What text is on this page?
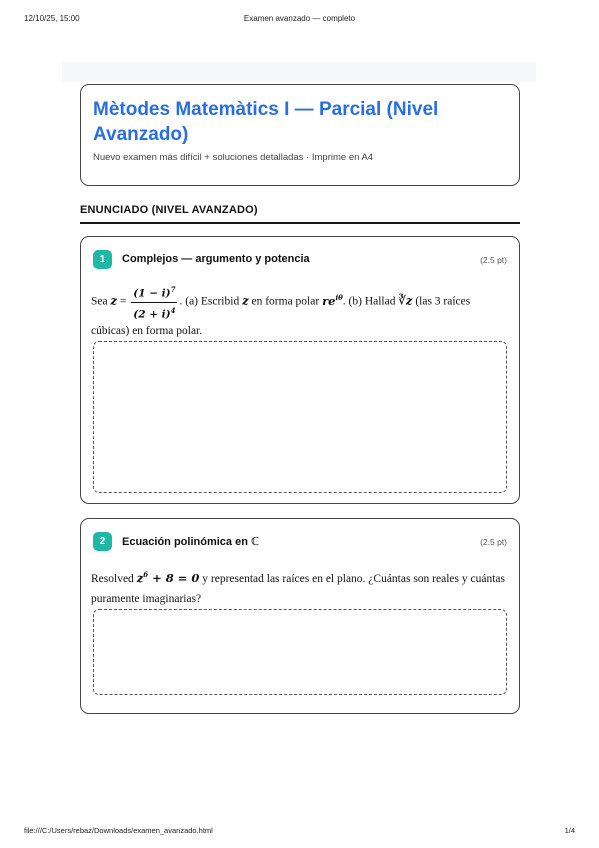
12/10/25, 15:00	Examen avanzado — completo
Mètodes Matemàtics I — Parcial (Nivel Avanzado)
Nuevo examen más difícil + soluciones detalladas · Imprime en A4
ENUNCIADO (NIVEL AVANZADO)
1	Complejos — argumento y potencia	(2.5 pt)
Sea $z = \frac{(1 - i)^7}{(2 + i)^4}$ . (a) Escribid z en forma polar $re^{i\theta}$. (b) Hallad ∛z (las 3 raíces cúbicas) en forma polar.
2	Ecuación polinómica en ℂ	(2.5 pt)
Resolved $z^6 + 8 = 0$ y representad las raíces en el plano. ¿Cuántas son reales y cuántas puramente imaginarias?
file:///C:/Users/rebaz/Downloads/examen_avanzado.html	1/4
